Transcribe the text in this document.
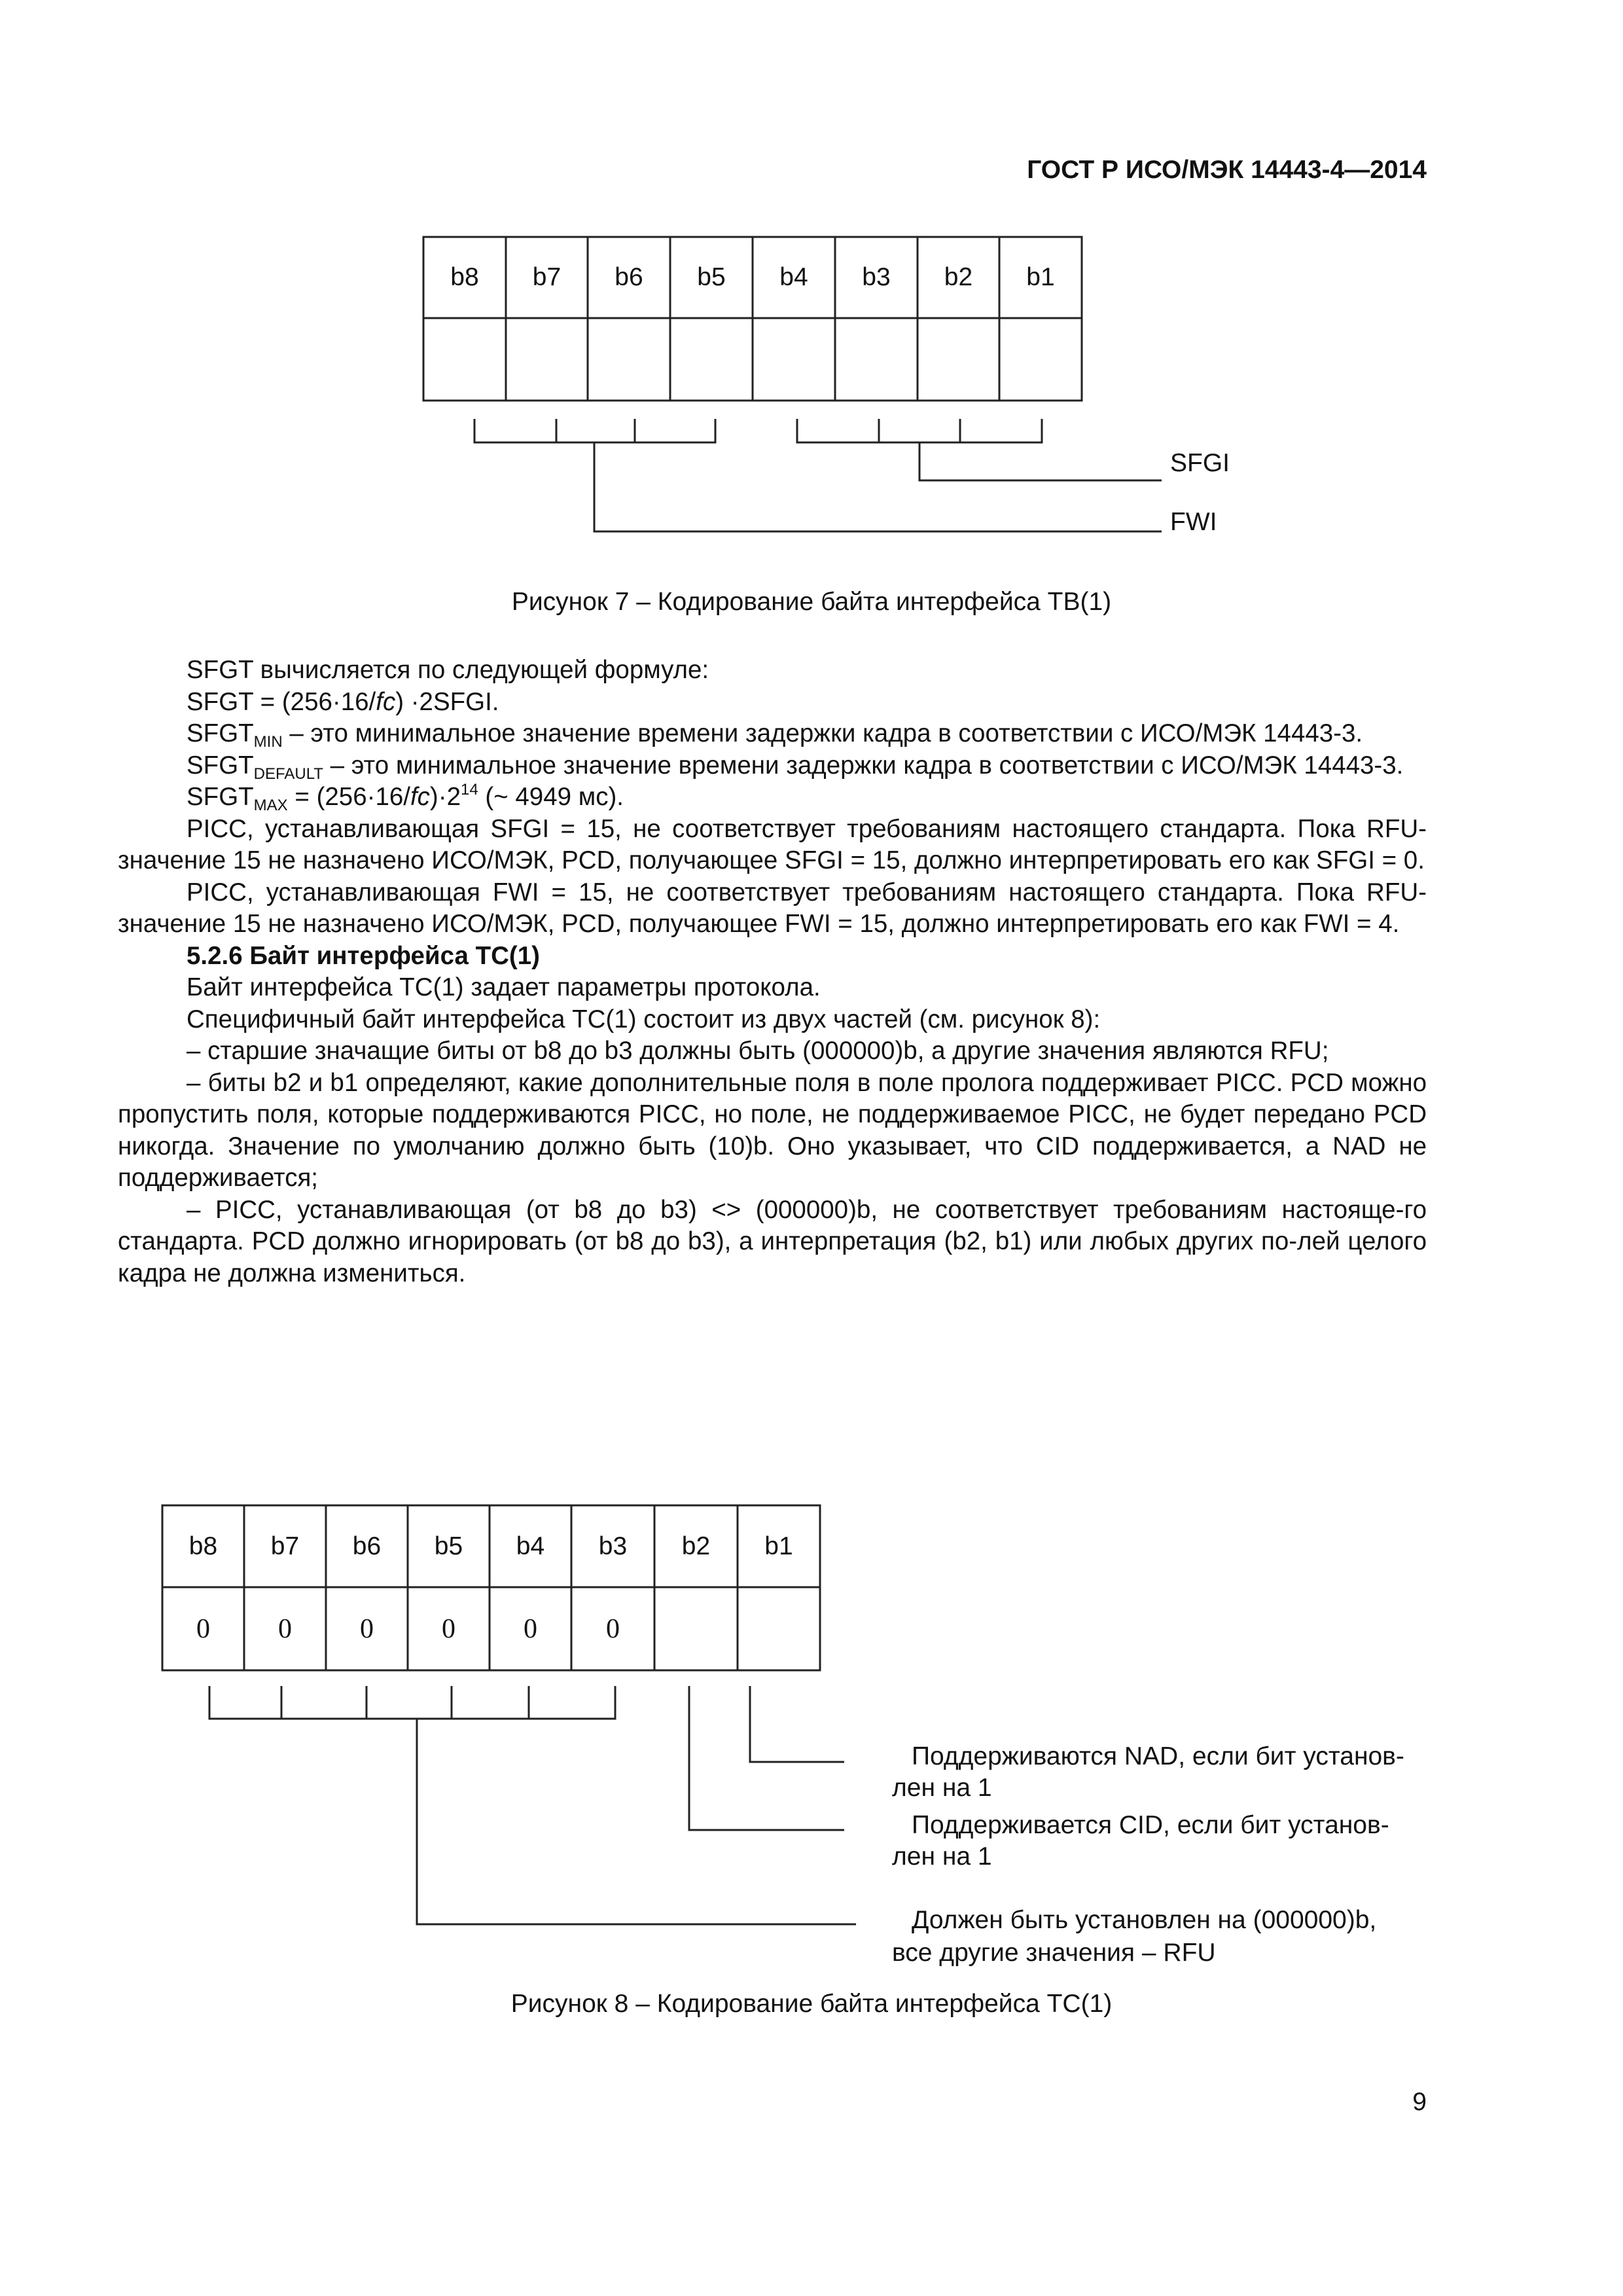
ГОСТ Р ИСО/МЭК 14443-4—2014
b8	b7	b6	b5	b4	b3	b2	b1
SFGI
FWI
Рисунок 7 – Кодирование байта интерфейса TB(1)

SFGT вычисляется по следующей формуле:

SFGT = (256·16/fc) ·2SFGI.

$SFGT_{MIN}$ – это минимальное значение времени задержки кадра в соответствии с ИСО/МЭК 14443-3.

$SFGT_{DEFAULT}$ – это минимальное значение времени задержки кадра в соответствии с ИСО/МЭК 14443-3.

$SFGT_{MAX} = (256\cdot 16/fc)\cdot 2^{14}$ (~ 4949 мс).

PICC, устанавливающая SFGI = 15, не соответствует требованиям настоящего стандарта. Пока RFU-значение 15 не назначено ИСО/МЭК, PCD, получающее SFGI = 15, должно интерпретировать его как SFGI = 0.

PICC, устанавливающая FWI = 15, не соответствует требованиям настоящего стандарта. Пока RFU-значение 15 не назначено ИСО/МЭК, PCD, получающее FWI = 15, должно интерпретировать его как FWI = 4.

5.2.6 Байт интерфейса TC(1)

Байт интерфейса TC(1) задает параметры протокола.

Специфичный байт интерфейса TC(1) состоит из двух частей (см. рисунок 8):

– старшие значащие биты от b8 до b3 должны быть (000000)b, а другие значения являются RFU;

– биты b2 и b1 определяют, какие дополнительные поля в поле пролога поддерживает PICC. PCD можно пропустить поля, которые поддерживаются PICC, но поле, не поддерживаемое PICC, не будет передано PCD никогда. Значение по умолчанию должно быть (10)b. Оно указывает, что CID поддерживается, а NAD не поддерживается;

– PICC, устанавливающая (от b8 до b3) <> (000000)b, не соответствует требованиям настояще-го стандарта. PCD должно игнорировать (от b8 до b3), а интерпретация (b2, b1) или любых других по-лей целого кадра не должна измениться.

b8	b7	b6	b5	b4	b3	b2	b1
0	0	0	0	0	0
Поддерживаются NAD, если бит установ-
лен на 1
Поддерживается CID, если бит установ-
лен на 1
Должен быть установлен на (000000)b,
все другие значения – RFU
Рисунок 8 – Кодирование байта интерфейса TC(1)
9
